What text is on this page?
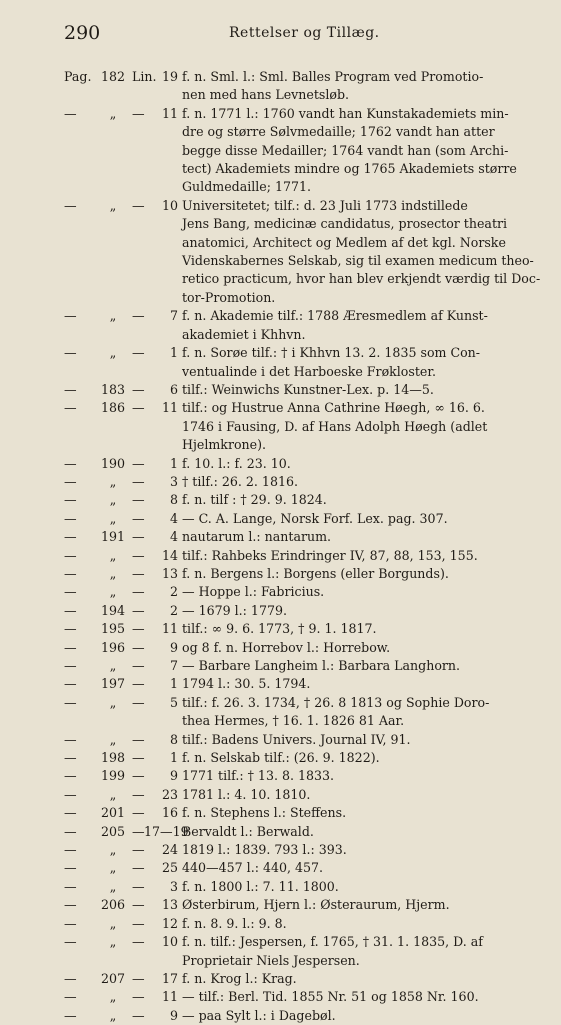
290	Rettelser og Tillæg.
Pag. 182 Lin. 19 f. n. Sml. l.: Sml. Balles Program ved Promotio-
nen med hans Levnetsløb.
—	„	—	11 f. n. 1771 l.: 1760 vandt han Kunstakademiets min-
dre og større Sølvmedaille; 1762 vandt han atter
begge disse Medailler; 1764 vandt han (som Archi-
tect) Akademiets mindre og 1765 Akademiets større
Guldmedaille; 1771.
—	„	—	10 Universitetet; tilf.: d. 23 Juli 1773 indstillede
Jens Bang, medicinæ candidatus, prosector theatri
anatomici, Architect og Medlem af det kgl. Norske
Videnskabernes Selskab, sig til examen medicum theo-
retico practicum, hvor han blev erkjendt værdig til Doc-
tor-Promotion.
—	„	—	7 f. n. Akademie tilf.: 1788 Æresmedlem af Kunst-
akademiet i Khhvn.
—	„	—	1 f. n. Sorøe tilf.: † i Khhvn 13. 2. 1835 som Con-
ventualinde i det Harboeske Frøkloster.
—	183 —	6 tilf.: Weinwichs Kunstner-Lex. p. 14—5.
—	186 —	11 tilf.: og Hustrue Anna Cathrine Høegh, ∞ 16. 6.
1746 i Fausing, D. af Hans Adolph Høegh (adlet
Hjelmkrone).
—	190 —	1 f. 10. l.: f. 23. 10.
—	„	—	3 † tilf.: 26. 2. 1816.
—	„	—	8 f. n. tilf : † 29. 9. 1824.
—	„	—	4 — C. A. Lange, Norsk Forf. Lex. pag. 307.
—	191 —	4 nautarum l.: nantarum.
—	„	—	14 tilf.: Rahbeks Erindringer IV, 87, 88, 153, 155.
—	„	—	13 f. n. Bergens l.: Borgens (eller Borgunds).
—	„	—	2 — Hoppe l.: Fabricius.
—	194 —	2 — 1679 l.: 1779.
—	195 —	11 tilf.: ∞ 9. 6. 1773, † 9. 1. 1817.
—	196 —	9 og 8 f. n. Horrebov l.: Horrebow.
—	„	—	7 — Barbare Langheim l.: Barbara Langhorn.
—	197 —	1 1794 l.: 30. 5. 1794.
—	„	—	5 tilf.: f. 26. 3. 1734, † 26. 8 1813 og Sophie Doro-
thea Hermes, † 16. 1. 1826 81 Aar.
—	„	—	8 tilf.: Badens Univers. Journal IV, 91.
—	198 —	1 f. n. Selskab tilf.: (26. 9. 1822).
—	199 —	9 1771 tilf.: † 13. 8. 1833.
—	„	—	23 1781 l.: 4. 10. 1810.
—	201 —	16 f. n. Stephens l.: Steffens.
—	205 — 17—19
Bervaldt l.: Berwald.
—	„	—	24 1819 l.: 1839. 793 l.: 393.
—	„	—	25 440—457 l.: 440, 457.
—	„	—	3 f. n. 1800 l.: 7. 11. 1800.
—	206 —	13 Østerbirum, Hjern l.: Østeraurum, Hjerm.
—	„	—	12 f. n. 8. 9. l.: 9. 8.
—	„	—	10 f. n. tilf.: Jespersen, f. 1765, † 31. 1. 1835, D. af
Proprietair Niels Jespersen.
—	207 —	17 f. n. Krog l.: Krag.
—	„	—	11 — tilf.: Berl. Tid. 1855 Nr. 51 og 1858 Nr. 160.
—	„	—	9 — paa Sylt l.: i Dagebøl.
